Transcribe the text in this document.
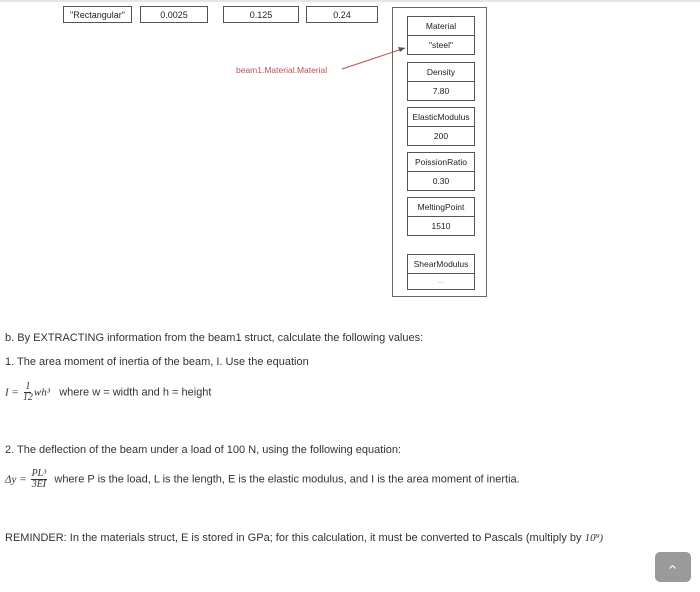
"Rectangular"	0.0025	0.125	0.24
beam1.Material.Material
Material
"steel"
Density
7.80
ElasticModulus
200
PoissionRatio
0.30
MeltingPoint
1510
ShearModulus
...
b. By EXTRACTING information from the beam1 struct, calculate the following values:
1. The area moment of inertia of the beam, I. Use the equation
$I = \frac{1}{12} wh^3$ where w = width and h = height
2. The deflection of the beam under a load of 100 N, using the following equation:
$\Delta y = \frac{\text{PL³}}{3EI}$ where P is the load, L is the length, E is the elastic modulus, and I is the area moment of inertia.
REMINDER: In the materials struct, E is stored in GPa; for this calculation, it must be converted to Pascals (multiply by 10⁹)
‹
